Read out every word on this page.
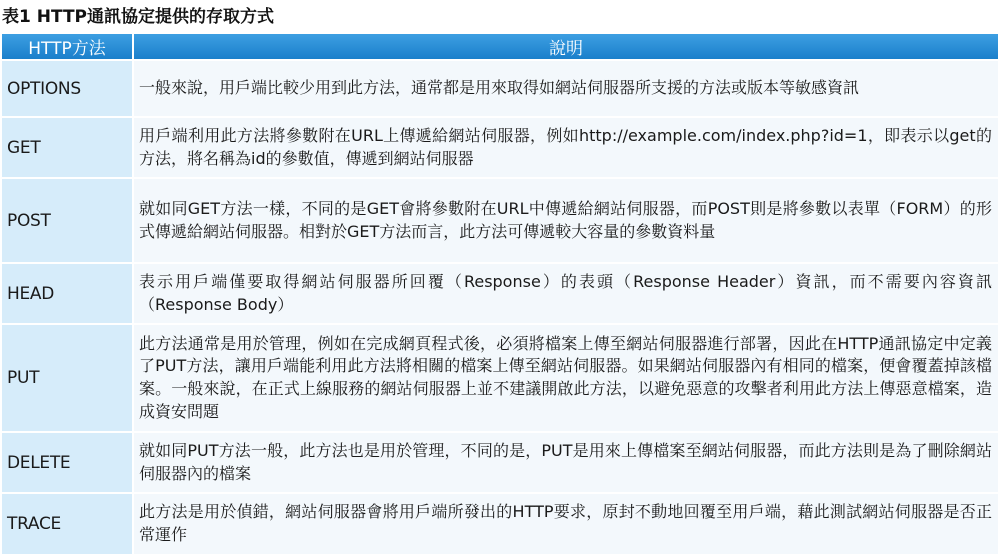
表1 HTTP通訊協定提供的存取方式
HTTP方法	說明
OPTIONS	一般來說，用戶端比較少用到此方法，通常都是用來取得如網站伺服器所支援的方法或版本等敏感資訊
GET	用戶端利用此方法將參數附在URL上傳遞給網站伺服器，例如http://example.com/index.php?id=1，即表示以get的方法，將名稱為id的參數值，傳遞到網站伺服器
POST	就如同GET方法一樣，不同的是GET會將參數附在URL中傳遞給網站伺服器，而POST則是將參數以表單（FORM）的形式傳遞給網站伺服器。相對於GET方法而言，此方法可傳遞較大容量的參數資料量
HEAD	表示用戶端僅要取得網站伺服器所回覆（Response）的表頭（Response Header）資訊，而不需要內容資訊（Response Body）
PUT	此方法通常是用於管理，例如在完成網頁程式後，必須將檔案上傳至網站伺服器進行部署，因此在HTTP通訊協定中定義了PUT方法，讓用戶端能利用此方法將相關的檔案上傳至網站伺服器。如果網站伺服器內有相同的檔案，便會覆蓋掉該檔案。一般來說，在正式上線服務的網站伺服器上並不建議開啟此方法，以避免惡意的攻擊者利用此方法上傳惡意檔案，造成資安問題
DELETE	就如同PUT方法一般，此方法也是用於管理，不同的是，PUT是用來上傳檔案至網站伺服器，而此方法則是為了刪除網站伺服器內的檔案
TRACE	此方法是用於偵錯，網站伺服器會將用戶端所發出的HTTP要求，原封不動地回覆至用戶端，藉此測試網站伺服器是否正常運作
